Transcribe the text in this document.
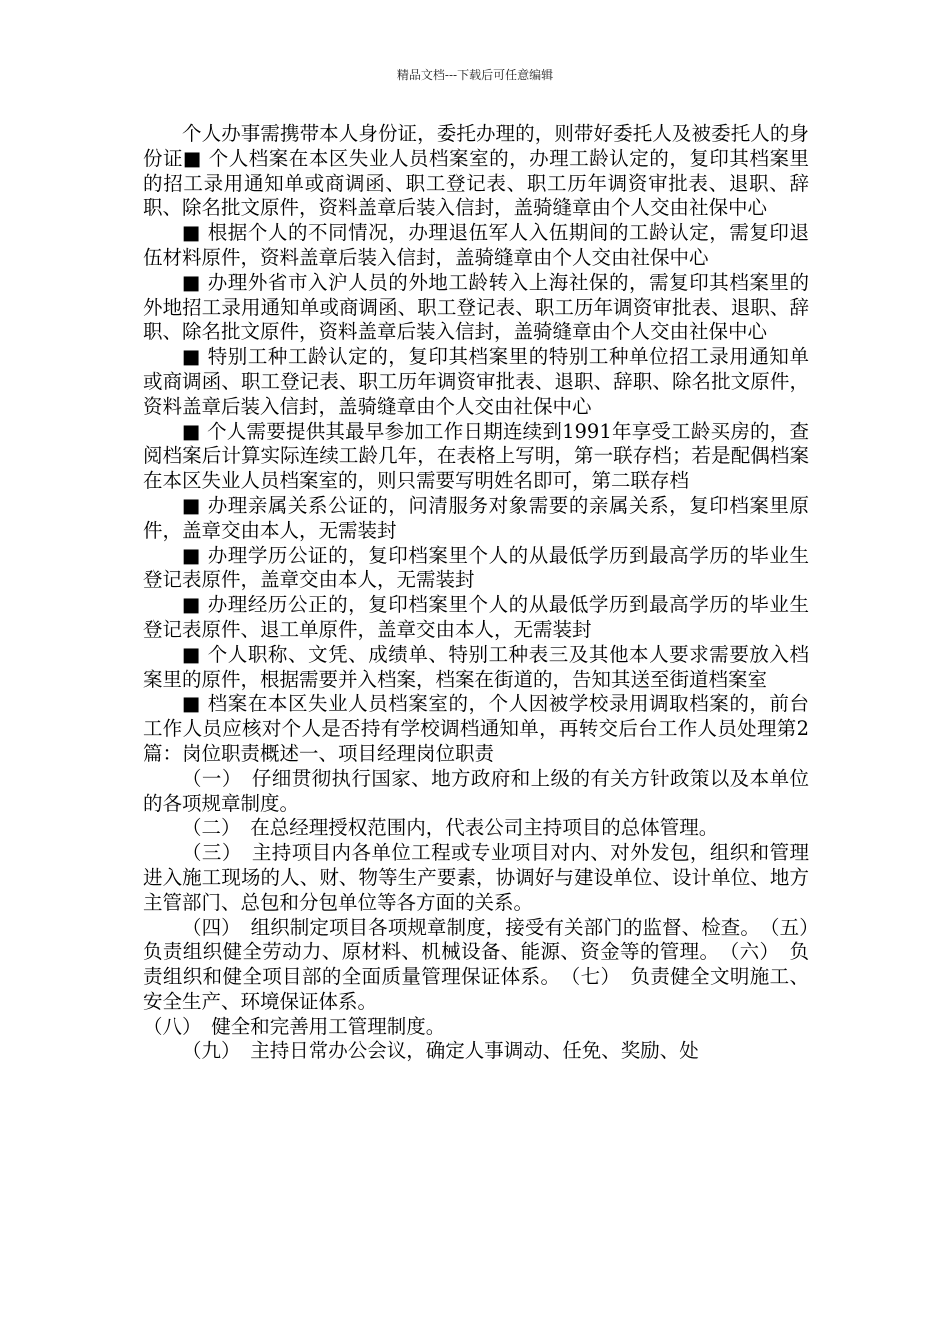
精品文档---下载后可任意编辑

个人办事需携带本人身份证，委托办理的，则带好委托人及被委托人的身份证■ 个人档案在本区失业人员档案室的，办理工龄认定的，复印其档案里的招工录用通知单或商调函、职工登记表、职工历年调资审批表、退职、辞职、除名批文原件，资料盖章后装入信封，盖骑缝章由个人交由社保中心

■ 根据个人的不同情况，办理退伍军人入伍期间的工龄认定，需复印退伍材料原件，资料盖章后装入信封，盖骑缝章由个人交由社保中心

■ 办理外省市入沪人员的外地工龄转入上海社保的，需复印其档案里的外地招工录用通知单或商调函、职工登记表、职工历年调资审批表、退职、辞职、除名批文原件，资料盖章后装入信封，盖骑缝章由个人交由社保中心

■ 特别工种工龄认定的，复印其档案里的特别工种单位招工录用通知单或商调函、职工登记表、职工历年调资审批表、退职、辞职、除名批文原件，资料盖章后装入信封，盖骑缝章由个人交由社保中心

■ 个人需要提供其最早参加工作日期连续到1991年享受工龄买房的，查阅档案后计算实际连续工龄几年，在表格上写明，第一联存档；若是配偶档案在本区失业人员档案室的，则只需要写明姓名即可，第二联存档

■ 办理亲属关系公证的，问清服务对象需要的亲属关系，复印档案里原件，盖章交由本人，无需装封

■ 办理学历公证的，复印档案里个人的从最低学历到最高学历的毕业生登记表原件，盖章交由本人，无需装封

■ 办理经历公正的，复印档案里个人的从最低学历到最高学历的毕业生登记表原件、退工单原件，盖章交由本人，无需装封

■ 个人职称、文凭、成绩单、特别工种表三及其他本人要求需要放入档案里的原件，根据需要并入档案，档案在街道的，告知其送至街道档案室

■ 档案在本区失业人员档案室的，个人因被学校录用调取档案的，前台工作人员应核对个人是否持有学校调档通知单，再转交后台工作人员处理第2篇：岗位职责概述一、项目经理岗位职责

（一）　仔细贯彻执行国家、地方政府和上级的有关方针政策以及本单位的各项规章制度。

（二）　在总经理授权范围内，代表公司主持项目的总体管理。

（三）　主持项目内各单位工程或专业项目对内、对外发包，组织和管理进入施工现场的人、财、物等生产要素，协调好与建设单位、设计单位、地方主管部门、总包和分包单位等各方面的关系。

（四）　组织制定项目各项规章制度，接受有关部门的监督、检查。　（五）　负责组织健全劳动力、原材料、机械设备、能源、资金等的管理。　（六）　负责组织和健全项目部的全面质量管理保证体系。　（七）　负责健全文明施工、安全生产、环境保证体系。

（八）　健全和完善用工管理制度。

（九）　主持日常办公会议，确定人事调动、任免、奖励、处
